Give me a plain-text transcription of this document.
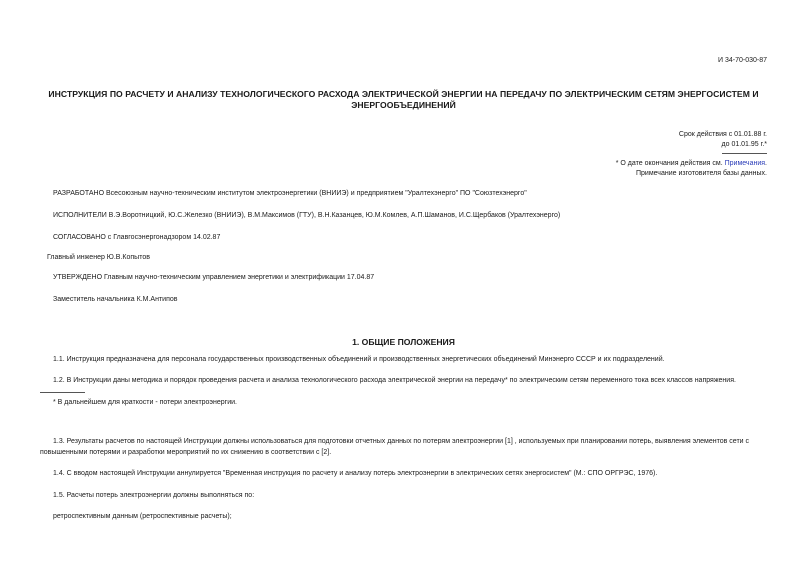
И 34-70-030-87
ИНСТРУКЦИЯ ПО РАСЧЕТУ И АНАЛИЗУ ТЕХНОЛОГИЧЕСКОГО РАСХОДА ЭЛЕКТРИЧЕСКОЙ ЭНЕРГИИ НА ПЕРЕДАЧУ ПО ЭЛЕКТРИЧЕСКИМ СЕТЯМ ЭНЕРГОСИСТЕМ И ЭНЕРГООБЪЕДИНЕНИЙ
Срок действия с 01.01.88 г.
до 01.01.95 г.*
* О дате окончания действия см. Примечания.
Примечание изготовителя базы данных.
РАЗРАБОТАНО Всесоюзным научно-техническим институтом электроэнергетики (ВНИИЭ) и предприятием "Уралтехэнерго" ПО "Союзтехэнерго"
ИСПОЛНИТЕЛИ В.Э.Воротницкий, Ю.С.Железко (ВНИИЭ), В.М.Максимов (ГТУ), В.Н.Казанцев, Ю.М.Комлев, А.П.Шаманов, И.С.Щербаков (Уралтехэнерго)
СОГЛАСОВАНО с Главгосэнергонадзором 14.02.87
Главный инженер Ю.В.Копытов
УТВЕРЖДЕНО Главным научно-техническим управлением энергетики и электрификации 17.04.87
Заместитель начальника К.М.Антипов
1. ОБЩИЕ ПОЛОЖЕНИЯ
1.1. Инструкция предназначена для персонала государственных производственных объединений и производственных энергетических объединений Минэнерго СССР и их подразделений.
1.2. В Инструкции даны методика и порядок проведения расчета и анализа технологического расхода электрической энергии на передачу* по электрическим сетям переменного тока всех классов напряжения.
* В дальнейшем для краткости - потери электроэнергии.
1.3. Результаты расчетов по настоящей Инструкции должны использоваться для подготовки отчетных данных по потерям электроэнергии [1] , используемых при планировании потерь, выявления элементов сети с повышенными потерями и разработки мероприятий по их снижению в соответствии с [2].
1.4. С вводом настоящей Инструкции аннулируется "Временная инструкция по расчету и анализу потерь электроэнергии в электрических сетях энергосистем" (М.: СПО ОРГРЭС, 1976).
1.5. Расчеты потерь электроэнергии должны выполняться по:
ретроспективным данным (ретроспективные расчеты);
